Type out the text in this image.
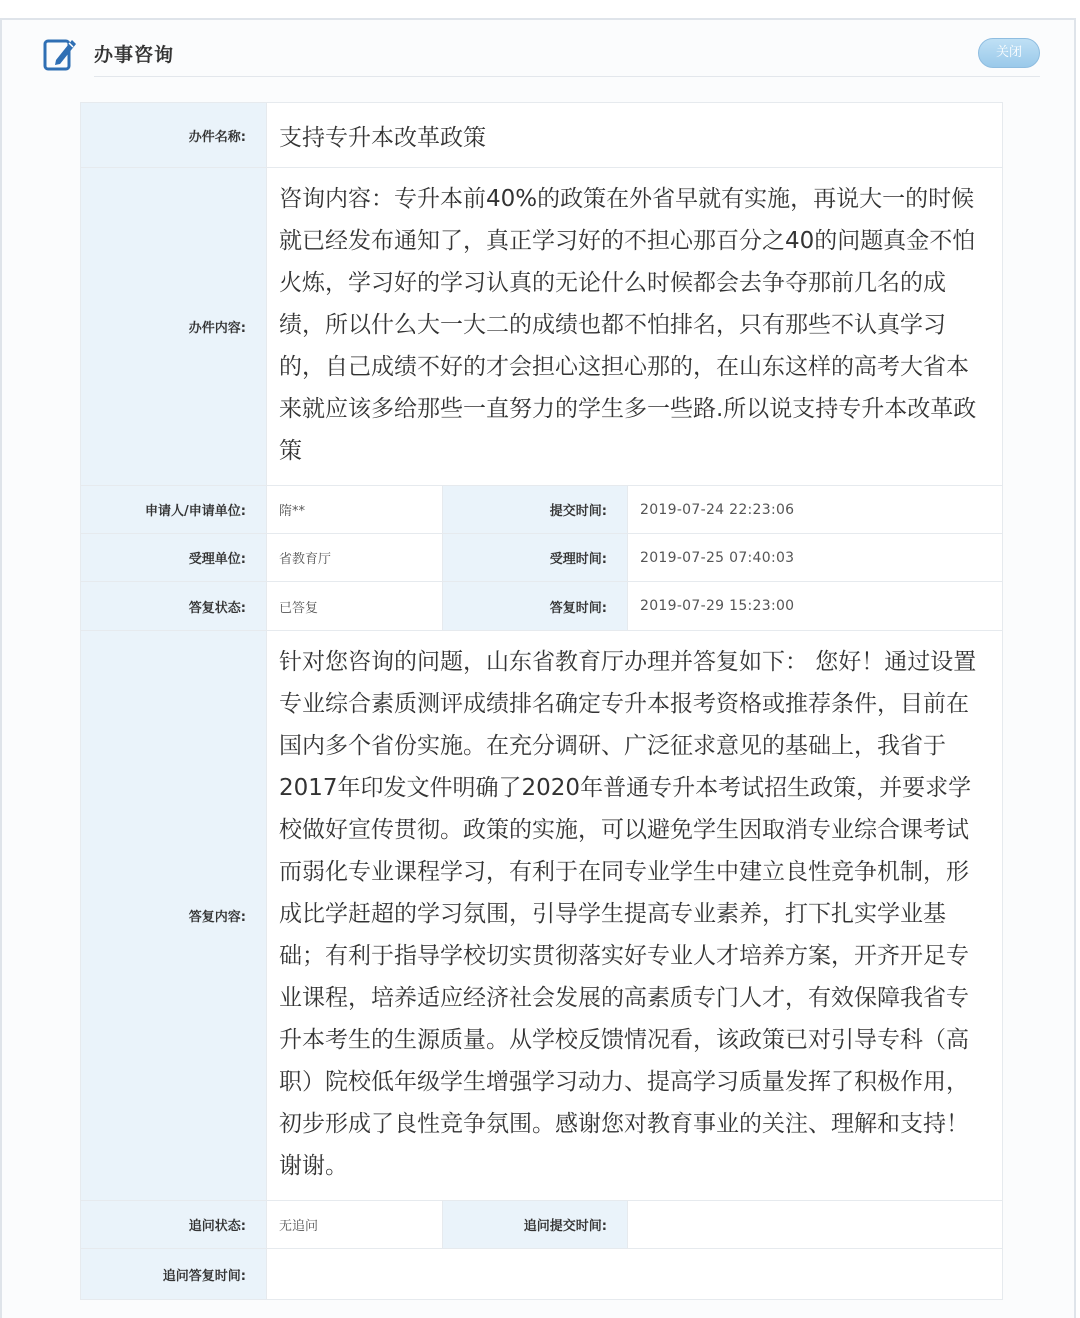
办事咨询	关闭
办件名称:	支持专升本改革政策
办件内容:
咨询内容：专升本前40%的政策在外省早就有实施，再说大一的时候就已经发布通知了，真正学习好的不担心那百分之40的问题真金不怕火炼，学习好的学习认真的无论什么时候都会去争夺那前几名的成绩，所以什么大一大二的成绩也都不怕排名，只有那些不认真学习的，自己成绩不好的才会担心这担心那的，在山东这样的高考大省本来就应该多给那些一直努力的学生多一些路.所以说支持专升本改革政策
申请人/申请单位:	隋**	提交时间:	2019-07-24 22:23:06
受理单位:	省教育厅	受理时间:	2019-07-25 07:40:03
答复状态:	已答复	答复时间:	2019-07-29 15:23:00
答复内容:
针对您咨询的问题，山东省教育厅办理并答复如下： 您好！通过设置专业综合素质测评成绩排名确定专升本报考资格或推荐条件，目前在国内多个省份实施。在充分调研、广泛征求意见的基础上，我省于2017年印发文件明确了2020年普通专升本考试招生政策，并要求学校做好宣传贯彻。政策的实施，可以避免学生因取消专业综合课考试而弱化专业课程学习，有利于在同专业学生中建立良性竞争机制，形成比学赶超的学习氛围，引导学生提高专业素养，打下扎实学业基础；有利于指导学校切实贯彻落实好专业人才培养方案，开齐开足专业课程，培养适应经济社会发展的高素质专门人才，有效保障我省专升本考生的生源质量。从学校反馈情况看，该政策已对引导专科（高职）院校低年级学生增强学习动力、提高学习质量发挥了积极作用，初步形成了良性竞争氛围。感谢您对教育事业的关注、理解和支持！谢谢。
追问状态:	无追问	追问提交时间:
追问答复时间:
